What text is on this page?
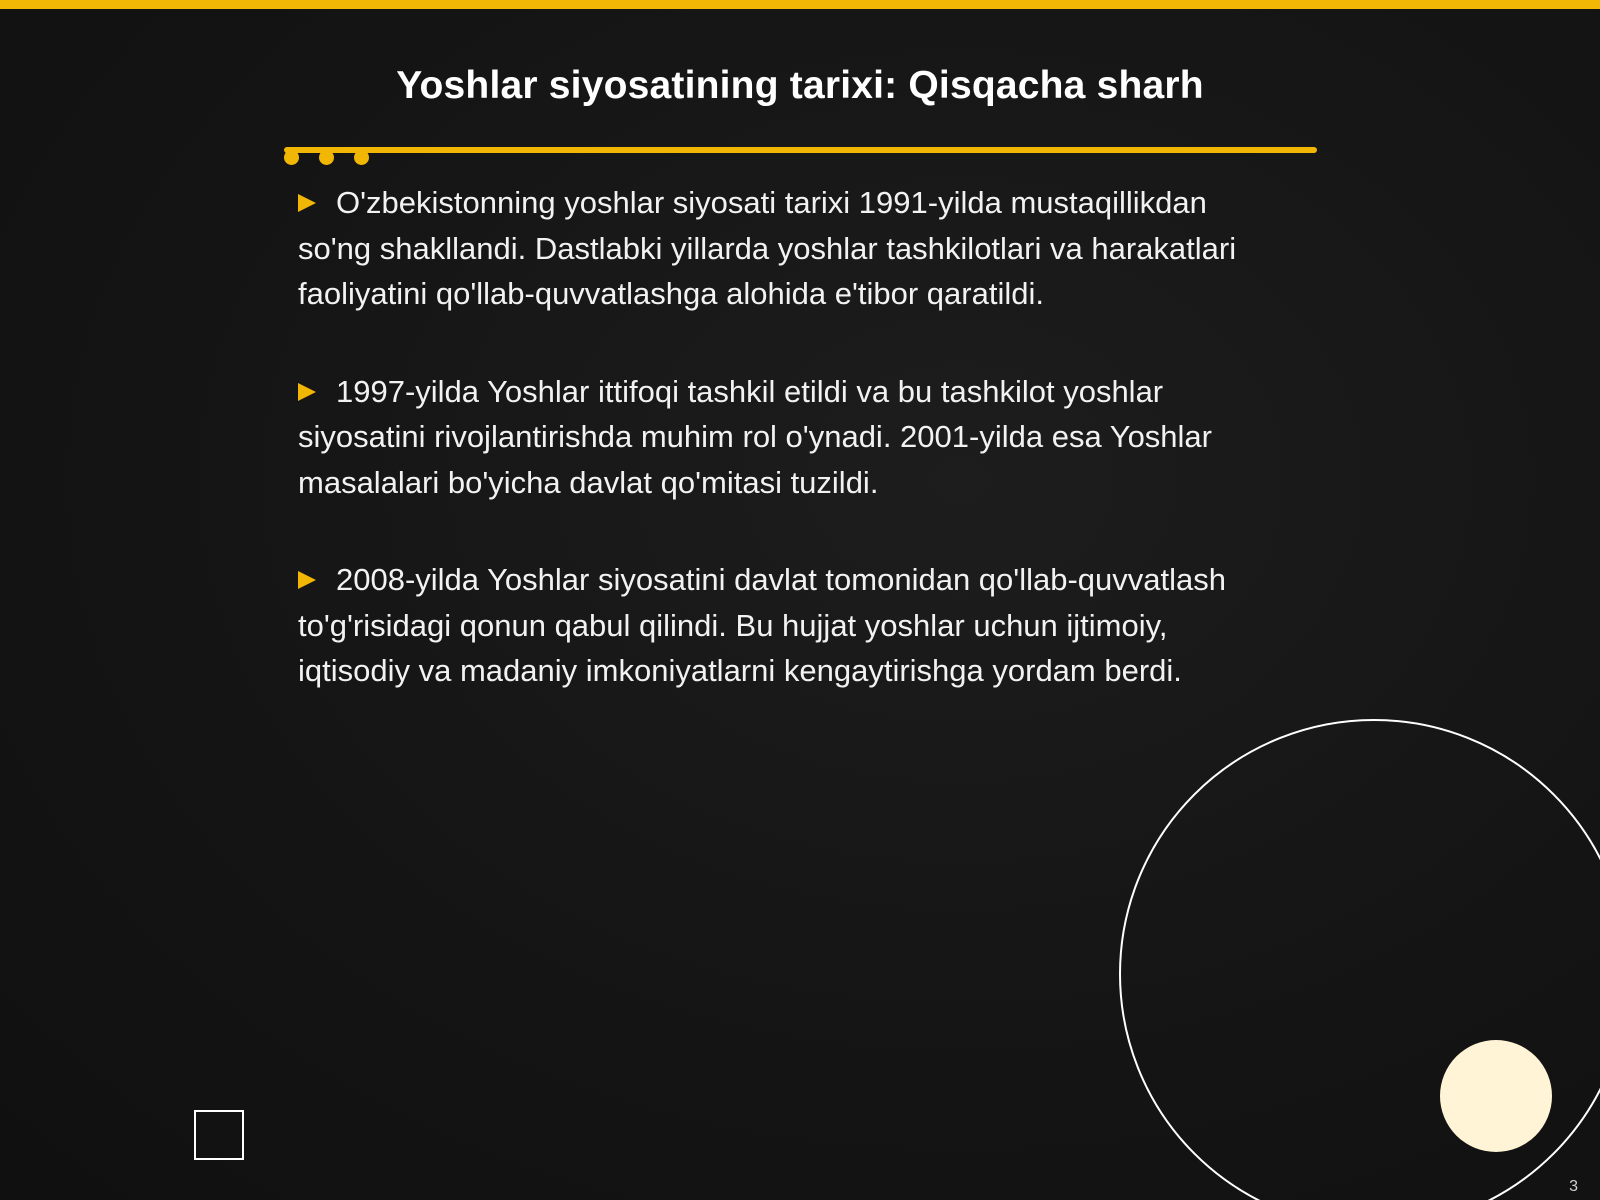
Yoshlar siyosatining tarixi: Qisqacha sharh

O'zbekistonning yoshlar siyosati tarixi 1991-yilda mustaqillikdan so'ng shakllandi. Dastlabki yillarda yoshlar tashkilotlari va harakatlari faoliyatini qo'llab-quvvatlashga alohida e'tibor qaratildi.

1997-yilda Yoshlar ittifoqi tashkil etildi va bu tashkilot yoshlar siyosatini rivojlantirishda muhim rol o'ynadi. 2001-yilda esa Yoshlar masalalari bo'yicha davlat qo'mitasi tuzildi.

2008-yilda Yoshlar siyosatini davlat tomonidan qo'llab-quvvatlash to'g'risidagi qonun qabul qilindi. Bu hujjat yoshlar uchun ijtimoiy, iqtisodiy va madaniy imkoniyatlarni kengaytirishga yordam berdi.

3
